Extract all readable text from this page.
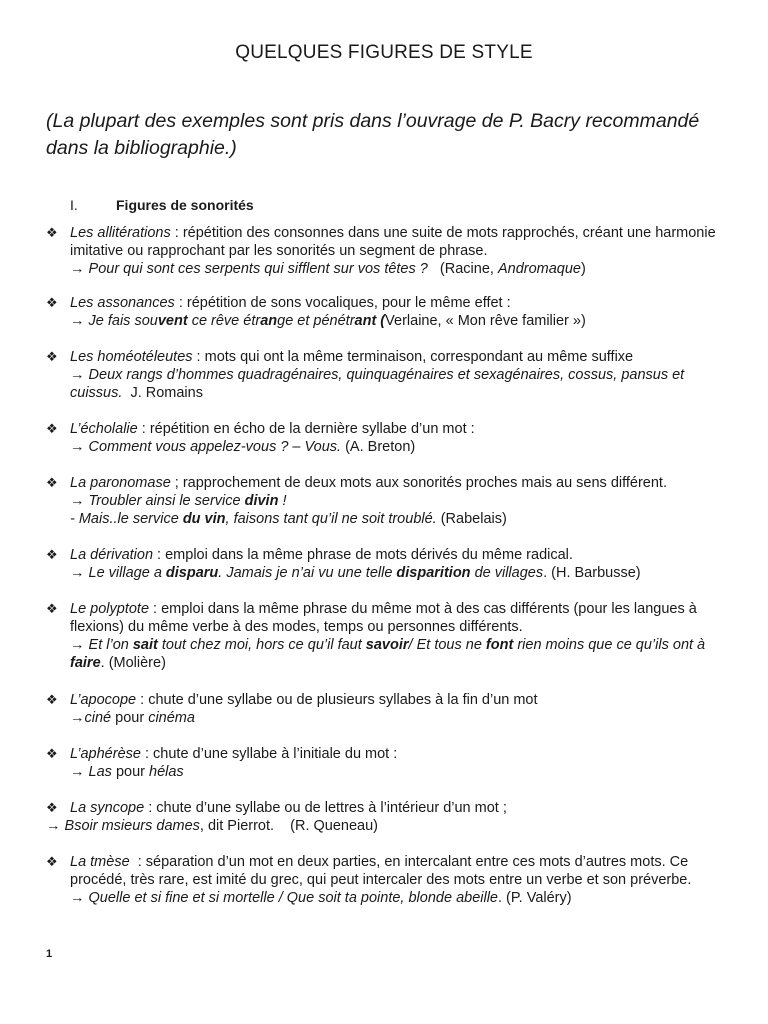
QUELQUES FIGURES DE STYLE
(La plupart des exemples sont pris dans l’ouvrage de P. Bacry recommandé dans la bibliographie.)
I.	Figures de sonorités
❖ Les allitérations : répétition des consonnes dans une suite de mots rapprochés, créant une harmonie imitative ou rapprochant par les sonorités un segment de phrase.
→ Pour qui sont ces serpents qui sifflent sur vos têtes ?   (Racine, Andromaque)
❖ Les assonances : répétition de sons vocaliques, pour le même effet :
→ Je fais souvent ce rêve étrange et pénétrant (Verlaine, « Mon rêve familier »)
❖ Les homéotéleutes : mots qui ont la même terminaison, correspondant au même suffixe
→ Deux rangs d’hommes quadragénaires, quinquagénaires et sexagénaires, cossus, pansus et cuissus.  J. Romains
❖ L’écholalie : répétition en écho de la dernière syllabe d’un mot :
→ Comment vous appelez-vous ? – Vous. (A. Breton)
❖ La paronomase ; rapprochement de deux mots aux sonorités proches mais au sens différent.
→ Troubler ainsi le service divin !
- Mais..le service du vin, faisons tant qu’il ne soit troublé. (Rabelais)
❖ La dérivation : emploi dans la même phrase de mots dérivés du même radical.
→ Le village a disparu. Jamais je n’ai vu une telle disparition de villages. (H. Barbusse)
❖ Le polyptote : emploi dans la même phrase du même mot à des cas différents (pour les langues à flexions) du même verbe à des modes, temps ou personnes différents.
→ Et l’on sait tout chez moi, hors ce qu’il faut savoir/ Et tous ne font rien moins que ce qu’ils ont à faire. (Molière)
❖ L’apocope : chute d’une syllabe ou de plusieurs syllabes à la fin d’un mot
→ciné pour cinéma
❖ L’aphérèse : chute d’une syllabe à l’initiale du mot :
→ Las pour hélas
❖ La syncope : chute d’une syllabe ou de lettres à l’intérieur d’un mot ;
→ Bsoir msieurs dames, dit Pierrot.    (R. Queneau)
❖ La tmèse  : séparation d’un mot en deux parties, en intercalant entre ces mots d’autres mots. Ce procédé, très rare, est imité du grec, qui peut intercaler des mots entre un verbe et son préverbe.
→ Quelle et si fine et si mortelle / Que soit ta pointe, blonde abeille. (P. Valéry)
1
